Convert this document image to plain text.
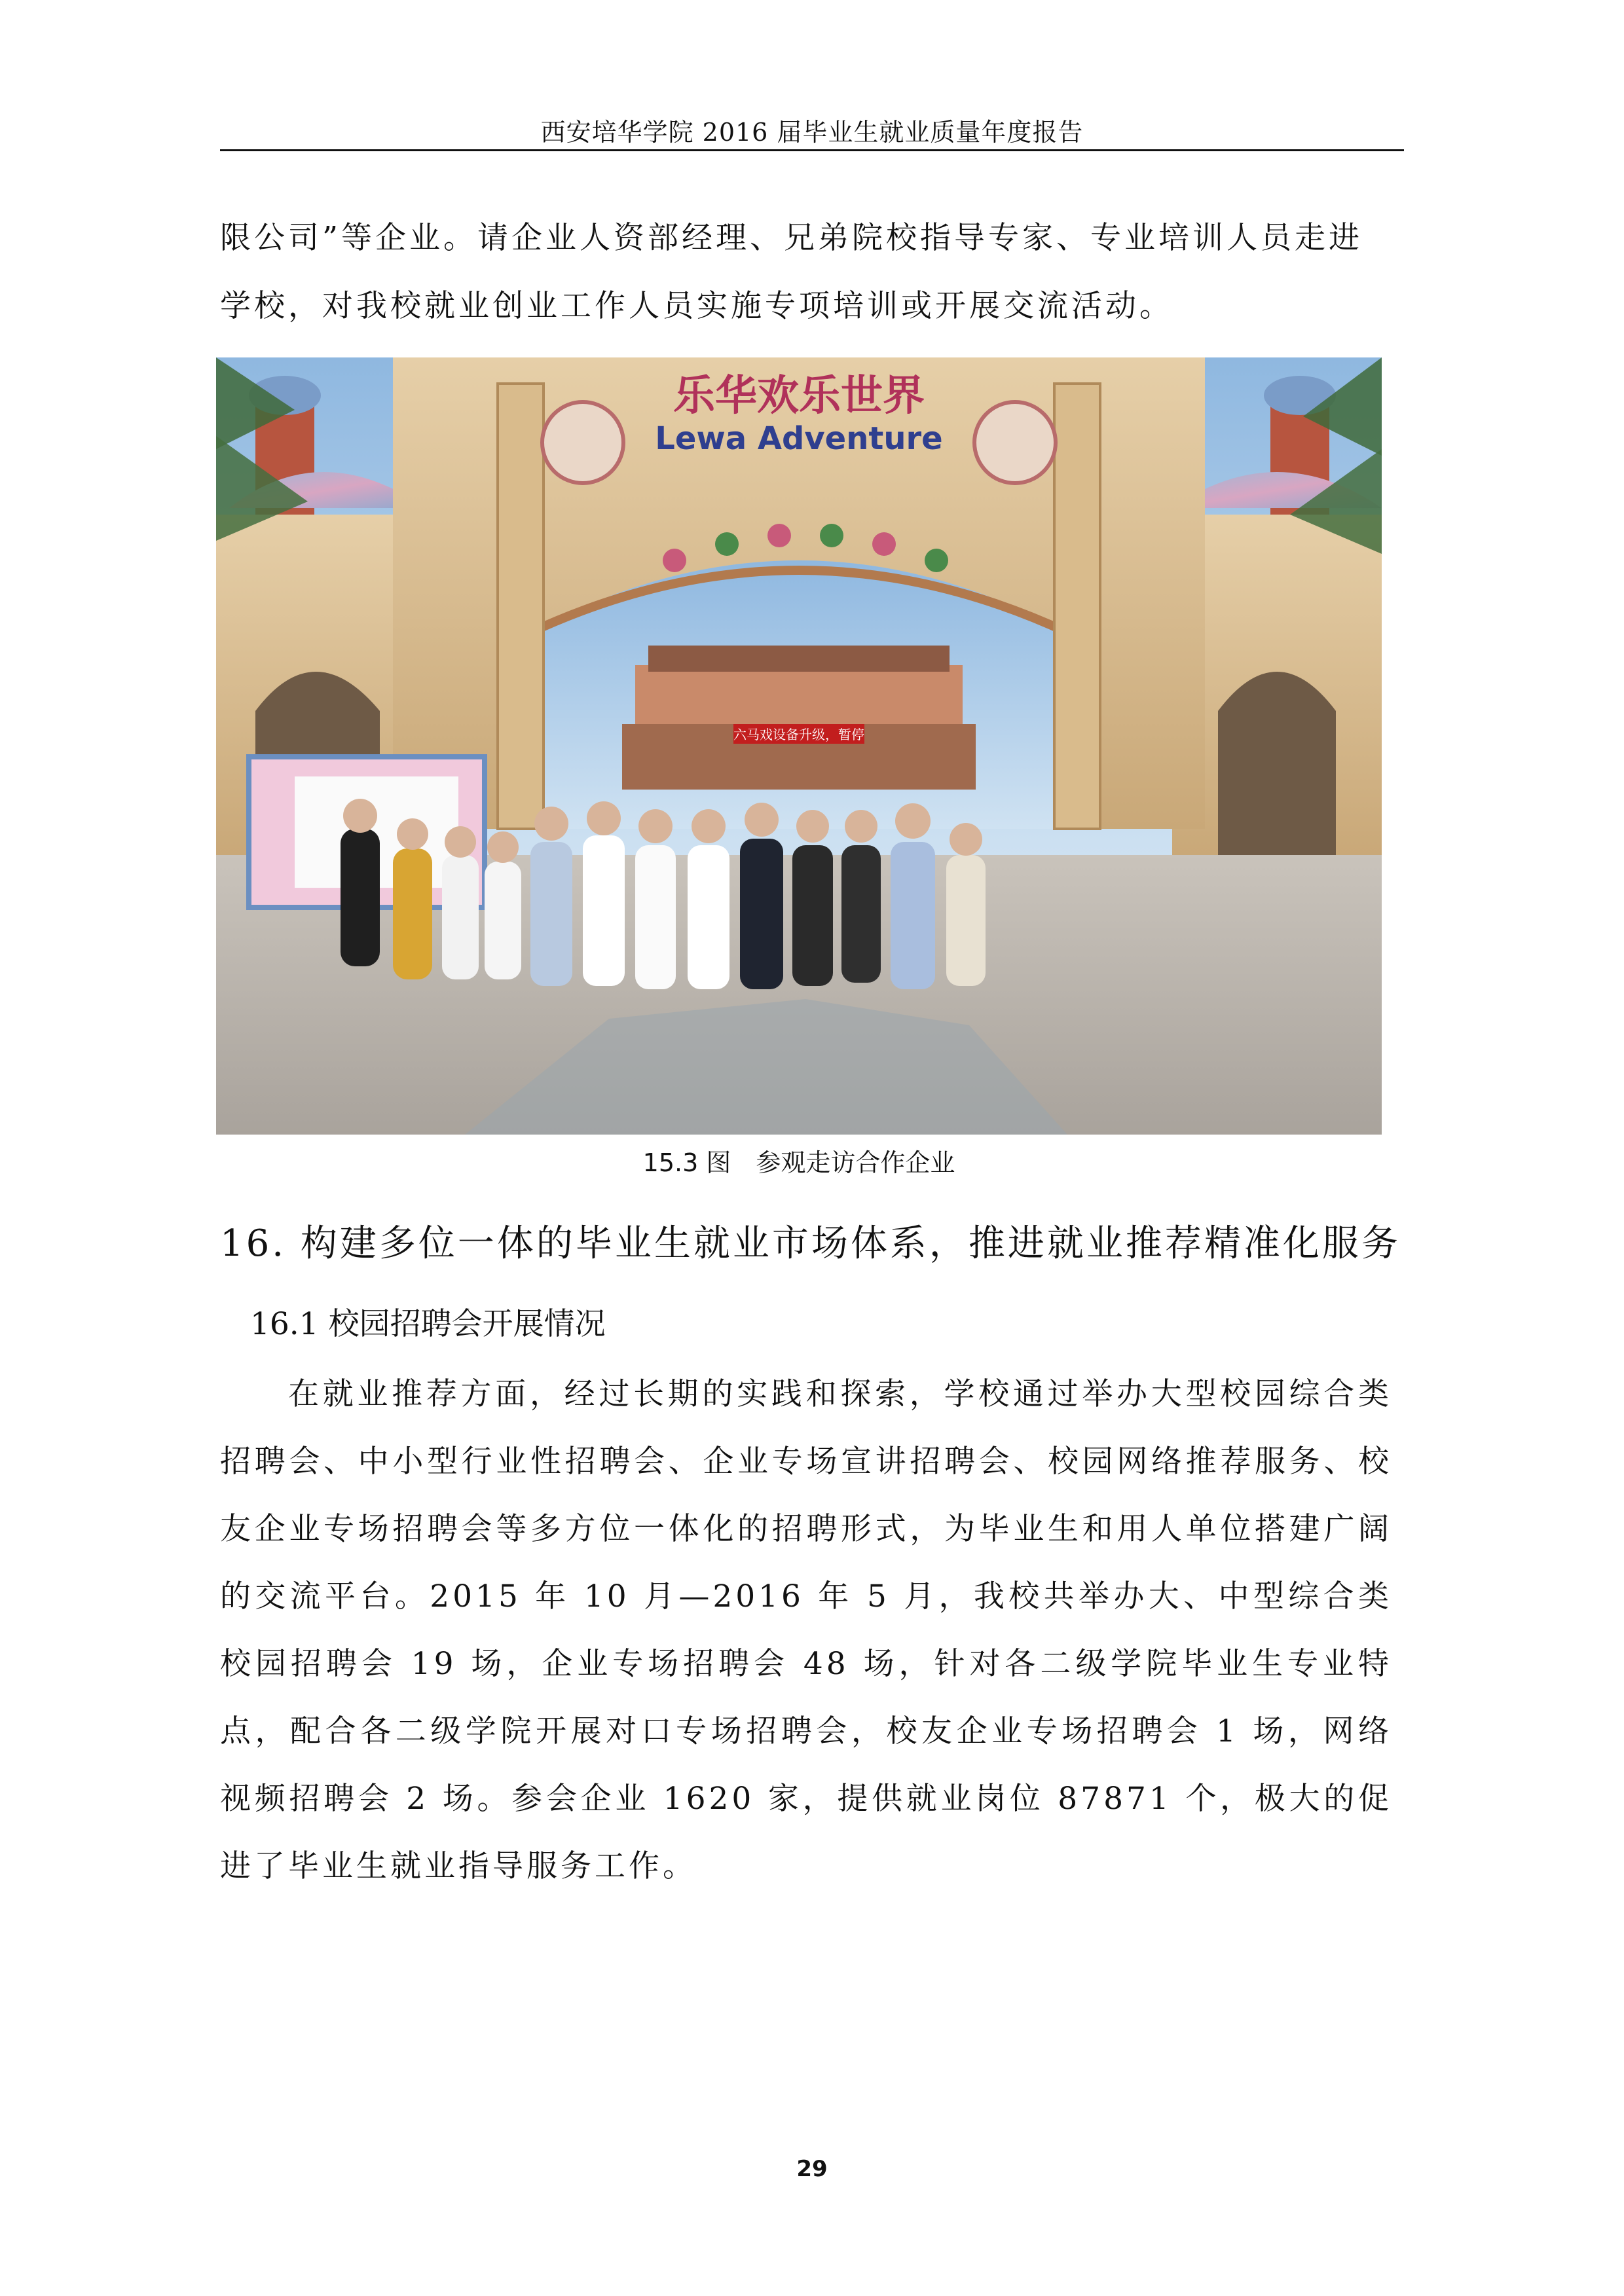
西安培华学院 2016 届毕业生就业质量年度报告
限公司”等企业。请企业人资部经理、兄弟院校指导专家、专业培训人员走进学校，对我校就业创业工作人员实施专项培训或开展交流活动。
乐华欢乐世界
Lewa Adventure
六马戏设备升级，暂停
15.3 图　参观走访合作企业
16. 构建多位一体的毕业生就业市场体系，推进就业推荐精准化服务
16.1 校园招聘会开展情况
在就业推荐方面，经过长期的实践和探索，学校通过举办大型校园综合类招聘会、中小型行业性招聘会、企业专场宣讲招聘会、校园网络推荐服务、校友企业专场招聘会等多方位一体化的招聘形式，为毕业生和用人单位搭建广阔的交流平台。2015 年 10 月—2016 年 5 月，我校共举办大、中型综合类校园招聘会 19 场，企业专场招聘会 48 场，针对各二级学院毕业生专业特点，配合各二级学院开展对口专场招聘会，校友企业专场招聘会 1 场，网络视频招聘会 2 场。参会企业 1620 家，提供就业岗位 87871 个，极大的促进了毕业生就业指导服务工作。
29
